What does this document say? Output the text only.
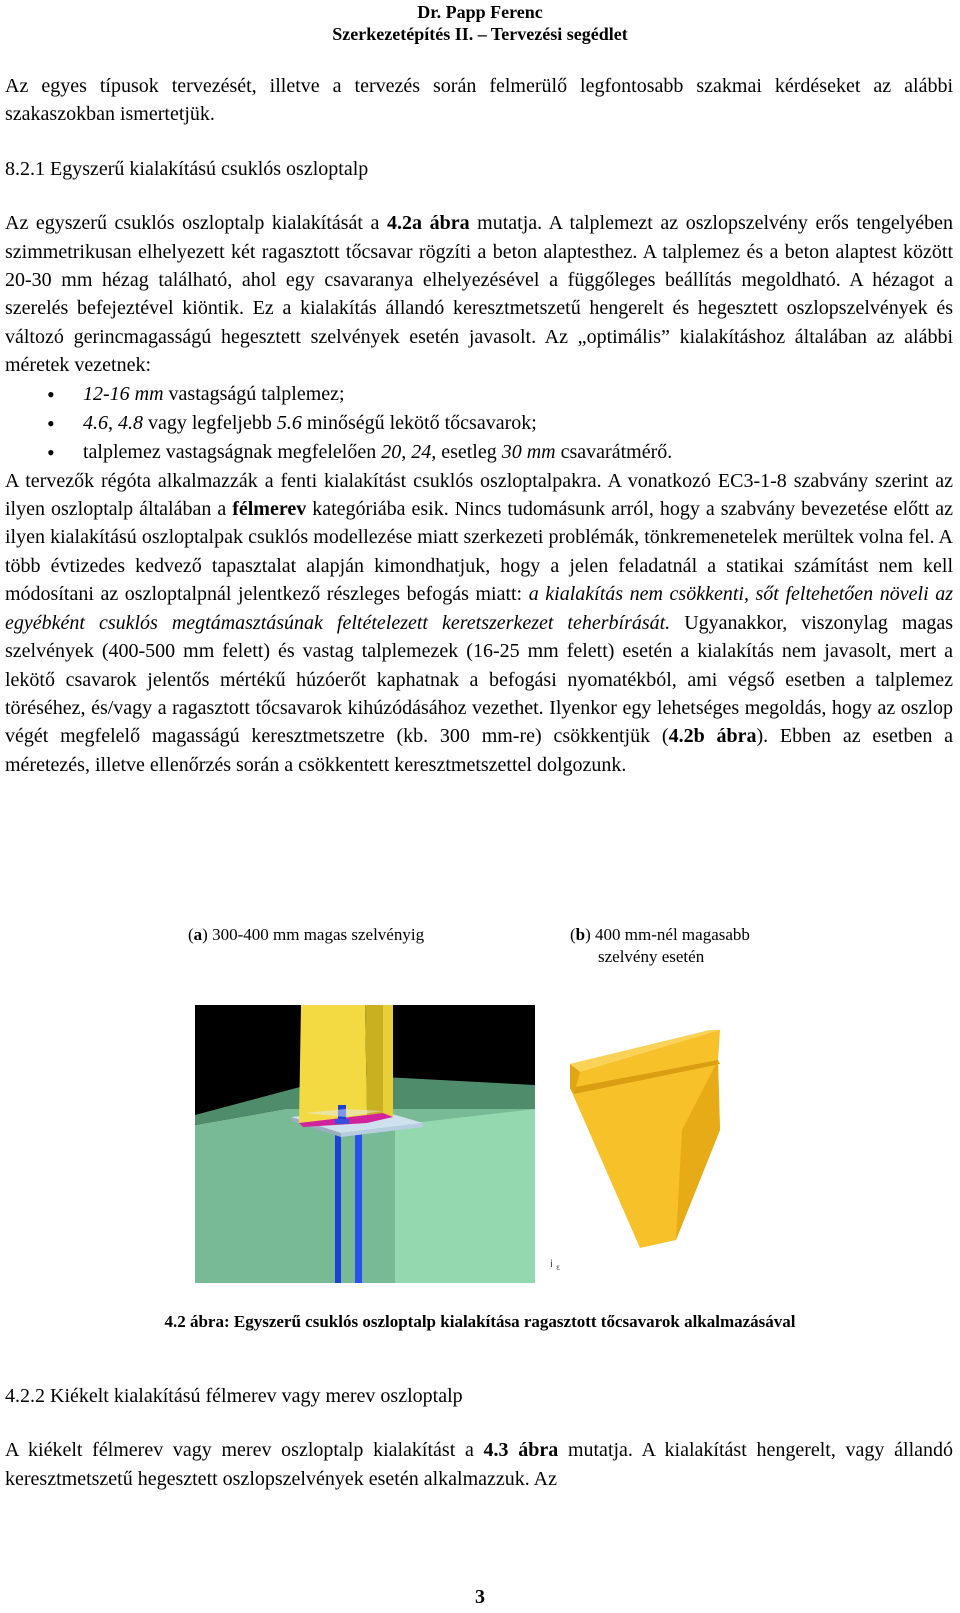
Dr. Papp Ferenc
Szerkezetépítés II. – Tervezési segédlet

Az egyes típusok tervezését, illetve a tervezés során felmerülő legfontosabb szakmai kérdéseket az alábbi szakaszokban ismertetjük.

8.2.1 Egyszerű kialakítású csuklós oszloptalp

Az egyszerű csuklós oszloptalp kialakítását a 4.2a ábra mutatja. A talplemezt az oszlopszelvény erős tengelyében szimmetrikusan elhelyezett két ragasztott tőcsavar rögzíti a beton alaptesthez. A talplemez és a beton alaptest között 20-30 mm hézag található, ahol egy csavaranya elhelyezésével a függőleges beállítás megoldható. A hézagot a szerelés befejeztével kiöntik. Ez a kialakítás állandó keresztmetszetű hengerelt és hegesztett oszlopszelvények és változó gerincmagasságú hegesztett szelvények esetén javasolt. Az „optimális” kialakításhoz általában az alábbi méretek vezetnek:

• 12-16 mm vastagságú talplemez;
• 4.6, 4.8 vagy legfeljebb 5.6 minőségű lekötő tőcsavarok;
• talplemez vastagságnak megfelelően 20, 24, esetleg 30 mm csavarátmérő.

A tervezők régóta alkalmazzák a fenti kialakítást csuklós oszloptalpakra. A vonatkozó EC3-1-8 szabvány szerint az ilyen oszloptalp általában a félmerev kategóriába esik. Nincs tudomásunk arról, hogy a szabvány bevezetése előtt az ilyen kialakítású oszloptalpak csuklós modellezése miatt szerkezeti problémák, tönkremenetelek merültek volna fel. A több évtizedes kedvező tapasztalat alapján kimondhatjuk, hogy a jelen feladatnál a statikai számítást nem kell módosítani az oszloptalpnál jelentkező részleges befogás miatt: a kialakítás nem csökkenti, sőt feltehetően növeli az egyébként csuklós megtámasztásúnak feltételezett keretszerkezet teherbírását. Ugyanakkor, viszonylag magas szelvények (400-500 mm felett) és vastag talplemezek (16-25 mm felett) esetén a kialakítás nem javasolt, mert a lekötő csavarok jelentős mértékű húzóerőt kaphatnak a befogási nyomatékból, ami végső esetben a talplemez töréséhez, és/vagy a ragasztott tőcsavarok kihúzódásához vezethet. Ilyenkor egy lehetséges megoldás, hogy az oszlop végét megfelelő magasságú keresztmetszetre (kb. 300 mm-re) csökkentjük (4.2b ábra). Ebben az esetben a méretezés, illetve ellenőrzés során a csökkentett keresztmetszettel dolgozunk.

(a) 300-400 mm magas szelvényig	(b) 400 mm-nél magasabb
szelvény esetén
i ε
4.2 ábra: Egyszerű csuklós oszloptalp kialakítása ragasztott tőcsavarok alkalmazásával

4.2.2 Kiékelt kialakítású félmerev vagy merev oszloptalp

A kiékelt félmerev vagy merev oszloptalp kialakítást a 4.3 ábra mutatja. A kialakítást hengerelt, vagy állandó keresztmetszetű hegesztett oszlopszelvények esetén alkalmazzuk. Az

3
